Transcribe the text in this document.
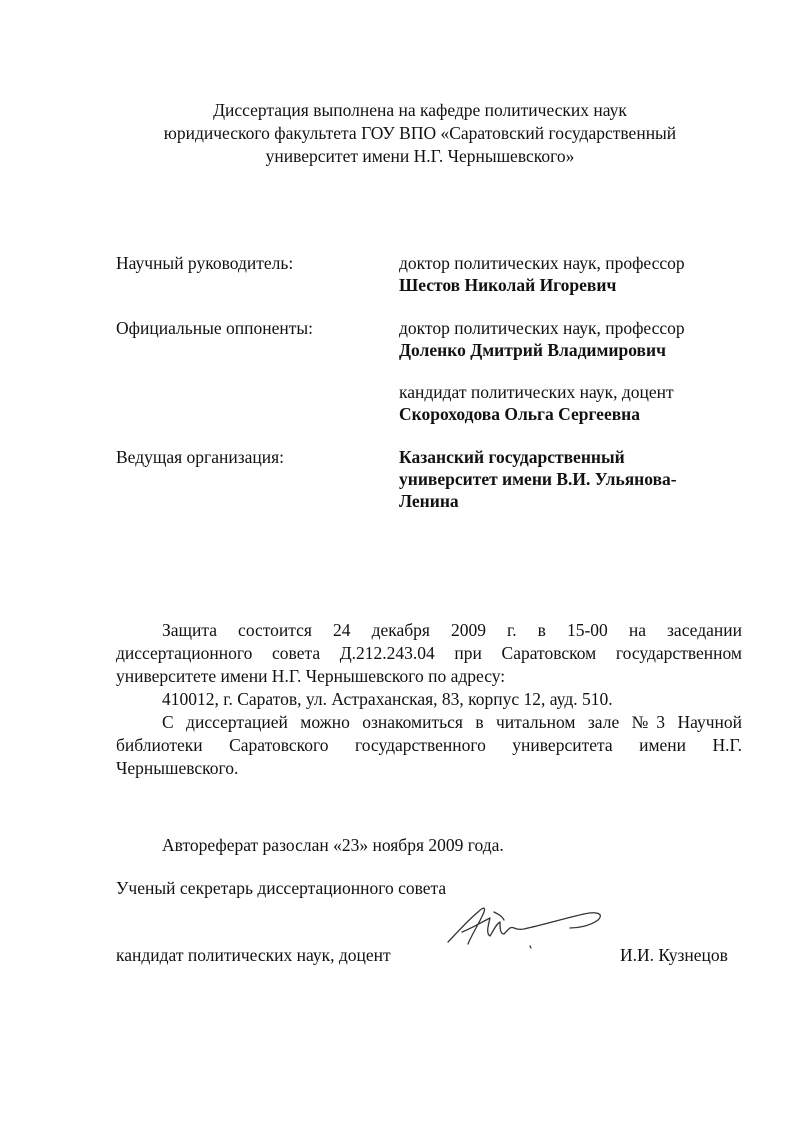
Диссертация выполнена на кафедре политических наук
юридического факультета ГОУ ВПО «Саратовский государственный
университет имени Н.Г. Чернышевского»
Научный руководитель:	доктор политических наук, профессор
Шестов Николай Игоревич
Официальные оппоненты:	доктор политических наук, профессор
Доленко Дмитрий Владимирович
кандидат политических наук, доцент
Скороходова Ольга Сергеевна
Ведущая организация:	Казанский государственный
университет имени В.И. Ульянова-
Ленина
Защита состоится 24 декабря 2009 г. в 15-00 на заседании
диссертационного совета Д.212.243.04 при Саратовском государственном
университете имени Н.Г. Чернышевского по адресу:
410012, г. Саратов, ул. Астраханская, 83, корпус 12, ауд. 510.
С диссертацией можно ознакомиться в читальном зале №3 Научной
библиотеки Саратовского государственного университета имени Н.Г.
Чернышевского.
Автореферат разослан «23» ноября 2009 года.
Ученый секретарь диссертационного совета
кандидат политических наук, доцент	И.И. Кузнецов
